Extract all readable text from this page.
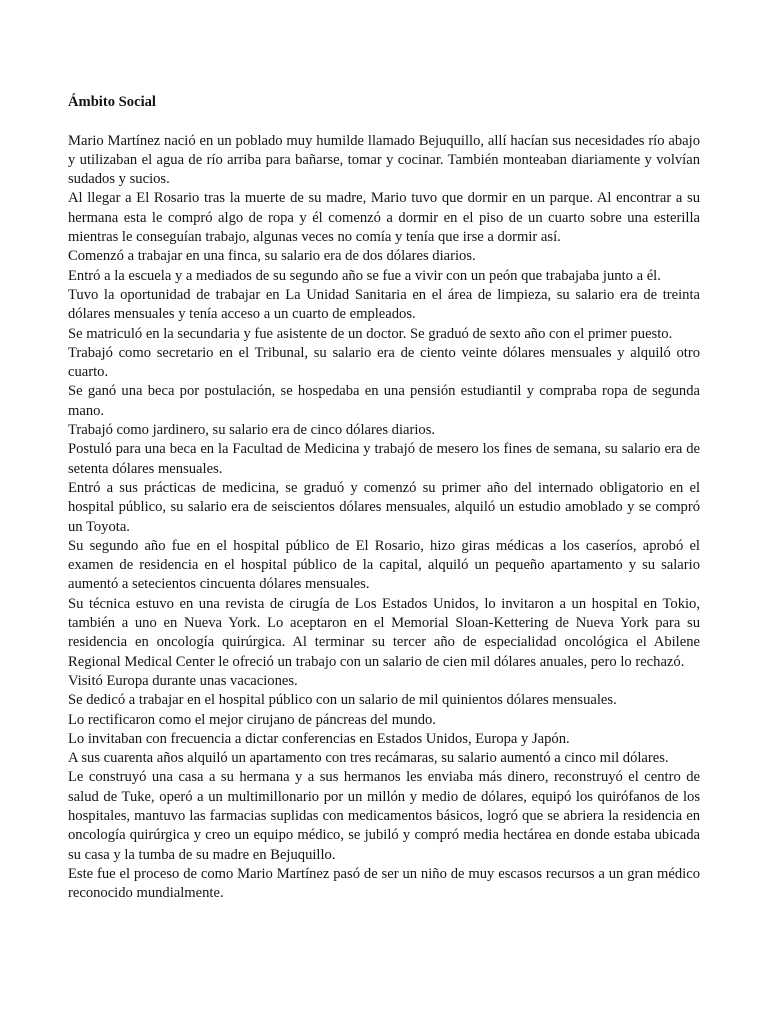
Ámbito Social

Mario Martínez nació en un poblado muy humilde llamado Bejuquillo, allí hacían sus necesidades río abajo y utilizaban el agua de río arriba para bañarse, tomar y cocinar. También monteaban diariamente y volvían sudados y sucios.

Al llegar a El Rosario tras la muerte de su madre, Mario tuvo que dormir en un parque. Al encontrar a su hermana esta le compró algo de ropa y él comenzó a dormir en el piso de un cuarto sobre una esterilla mientras le conseguían trabajo, algunas veces no comía y tenía que irse a dormir así.

Comenzó a trabajar en una finca, su salario era de dos dólares diarios.

Entró a la escuela y a mediados de su segundo año se fue a vivir con un peón que trabajaba junto a él.

Tuvo la oportunidad de trabajar en La Unidad Sanitaria en el área de limpieza, su salario era de treinta dólares mensuales y tenía acceso a un cuarto de empleados.

Se matriculó en la secundaria y fue asistente de un doctor. Se graduó de sexto año con el primer puesto.

Trabajó como secretario en el Tribunal, su salario era de ciento veinte dólares mensuales y alquiló otro cuarto.

Se ganó una beca por postulación, se hospedaba en una pensión estudiantil y compraba ropa de segunda mano.

Trabajó como jardinero, su salario era de cinco dólares diarios.

Postuló para una beca en la Facultad de Medicina y trabajó de mesero los fines de semana, su salario era de setenta dólares mensuales.

Entró a sus prácticas de medicina, se graduó y comenzó su primer año del internado obligatorio en el hospital público, su salario era de seiscientos dólares mensuales, alquiló un estudio amoblado y se compró un Toyota.

Su segundo año fue en el hospital público de El Rosario, hizo giras médicas a los caseríos, aprobó el examen de residencia en el hospital público de la capital, alquiló un pequeño apartamento y su salario aumentó a setecientos cincuenta dólares mensuales.

Su técnica estuvo en una revista de cirugía de Los Estados Unidos, lo invitaron a un hospital en Tokio, también a uno en Nueva York. Lo aceptaron en el Memorial Sloan-Kettering de Nueva York para su residencia en oncología quirúrgica. Al terminar su tercer año de especialidad oncológica el Abilene Regional Medical Center le ofreció un trabajo con un salario de cien mil dólares anuales, pero lo rechazó.

Visitó Europa durante unas vacaciones.

Se dedicó a trabajar en el hospital público con un salario de mil quinientos dólares mensuales.

Lo rectificaron como el mejor cirujano de páncreas del mundo.

Lo invitaban con frecuencia a dictar conferencias en Estados Unidos, Europa y Japón.

A sus cuarenta años alquiló un apartamento con tres recámaras, su salario aumentó a cinco mil dólares.

Le construyó una casa a su hermana y a sus hermanos les enviaba más dinero, reconstruyó el centro de salud de Tuke, operó a un multimillonario por un millón y medio de dólares, equipó los quirófanos de los hospitales, mantuvo las farmacias suplidas con medicamentos básicos, logró que se abriera la residencia en oncología quirúrgica y creo un equipo médico, se jubiló y compró media hectárea en donde estaba ubicada su casa y la tumba de su madre en Bejuquillo.

Este fue el proceso de como Mario Martínez pasó de ser un niño de muy escasos recursos a un gran médico reconocido mundialmente.
